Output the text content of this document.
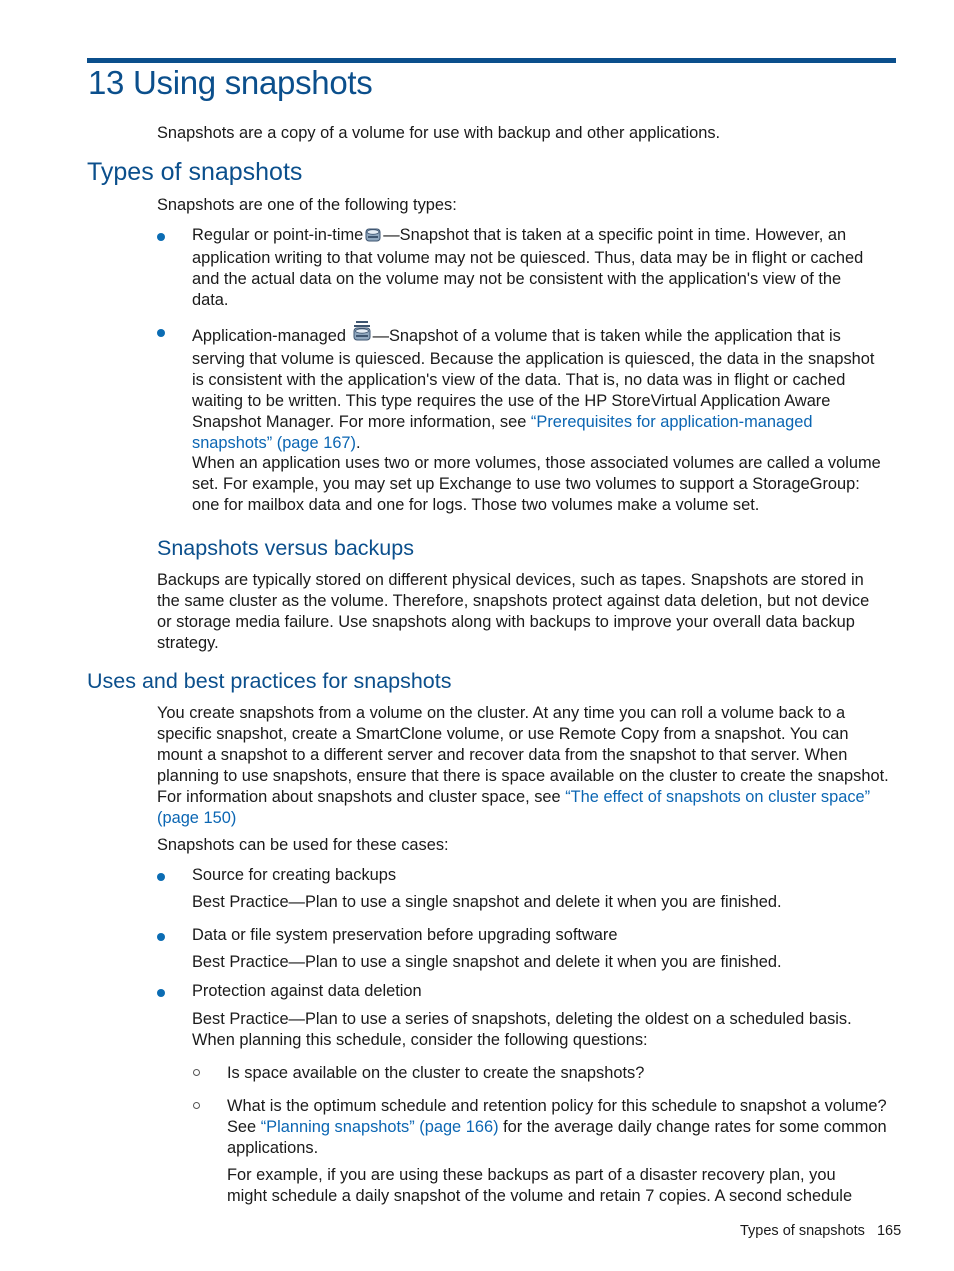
13 Using snapshots

Snapshots are a copy of a volume for use with backup and other applications.

Types of snapshots

Snapshots are one of the following types:

Regular or point-in-time —Snapshot that is taken at a specific point in time. However, an
application writing to that volume may not be quiesced. Thus, data may be in flight or cached
and the actual data on the volume may not be consistent with the application's view of the
data.
Application-managed —Snapshot of a volume that is taken while the application that is
serving that volume is quiesced. Because the application is quiesced, the data in the snapshot
is consistent with the application's view of the data. That is, no data was in flight or cached
waiting to be written. This type requires the use of the HP StoreVirtual Application Aware
Snapshot Manager. For more information, see “Prerequisites for application-managed
snapshots” (page 167).
When an application uses two or more volumes, those associated volumes are called a volume
set. For example, you may set up Exchange to use two volumes to support a StorageGroup:
one for mailbox data and one for logs. Those two volumes make a volume set.
Snapshots versus backups
Backups are typically stored on different physical devices, such as tapes. Snapshots are stored in
the same cluster as the volume. Therefore, snapshots protect against data deletion, but not device
or storage media failure. Use snapshots along with backups to improve your overall data backup
strategy.
Uses and best practices for snapshots
You create snapshots from a volume on the cluster. At any time you can roll a volume back to a
specific snapshot, create a SmartClone volume, or use Remote Copy from a snapshot. You can
mount a snapshot to a different server and recover data from the snapshot to that server. When
planning to use snapshots, ensure that there is space available on the cluster to create the snapshot.
For information about snapshots and cluster space, see “The effect of snapshots on cluster space”
(page 150)

Snapshots can be used for these cases:

Source for creating backups

Best Practice—Plan to use a single snapshot and delete it when you are finished.

Data or file system preservation before upgrading software

Best Practice—Plan to use a single snapshot and delete it when you are finished.

Protection against data deletion

Best Practice—Plan to use a series of snapshots, deleting the oldest on a scheduled basis.
When planning this schedule, consider the following questions:

Is space available on the cluster to create the snapshots?

What is the optimum schedule and retention policy for this schedule to snapshot a volume?
See “Planning snapshots” (page 166) for the average daily change rates for some common
applications.
For example, if you are using these backups as part of a disaster recovery plan, you
might schedule a daily snapshot of the volume and retain 7 copies. A second schedule
Types of snapshots 165
